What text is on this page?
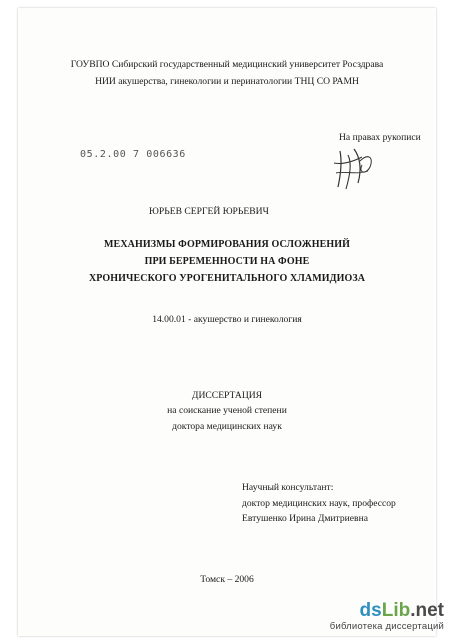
ГОУВПО Сибирский государственный медицинский университет Росздрава
НИИ акушерства, гинекологии и перинатологии ТНЦ СО РАМН
На правах рукописи
05.2.00 7 006636
ЮРЬЕВ СЕРГЕЙ ЮРЬЕВИЧ
МЕХАНИЗМЫ ФОРМИРОВАНИЯ ОСЛОЖНЕНИЙ
ПРИ БЕРЕМЕННОСТИ НА ФОНЕ
ХРОНИЧЕСКОГО УРОГЕНИТАЛЬНОГО ХЛАМИДИОЗА
14.00.01 - акушерство и гинекология
ДИССЕРТАЦИЯ
на соискание ученой степени
доктора медицинских наук
Научный консультант:
доктор медицинских наук, профессор
Евтушенко Ирина Дмитриевна
Томск – 2006
dsLib.net
библиотека диссертаций
